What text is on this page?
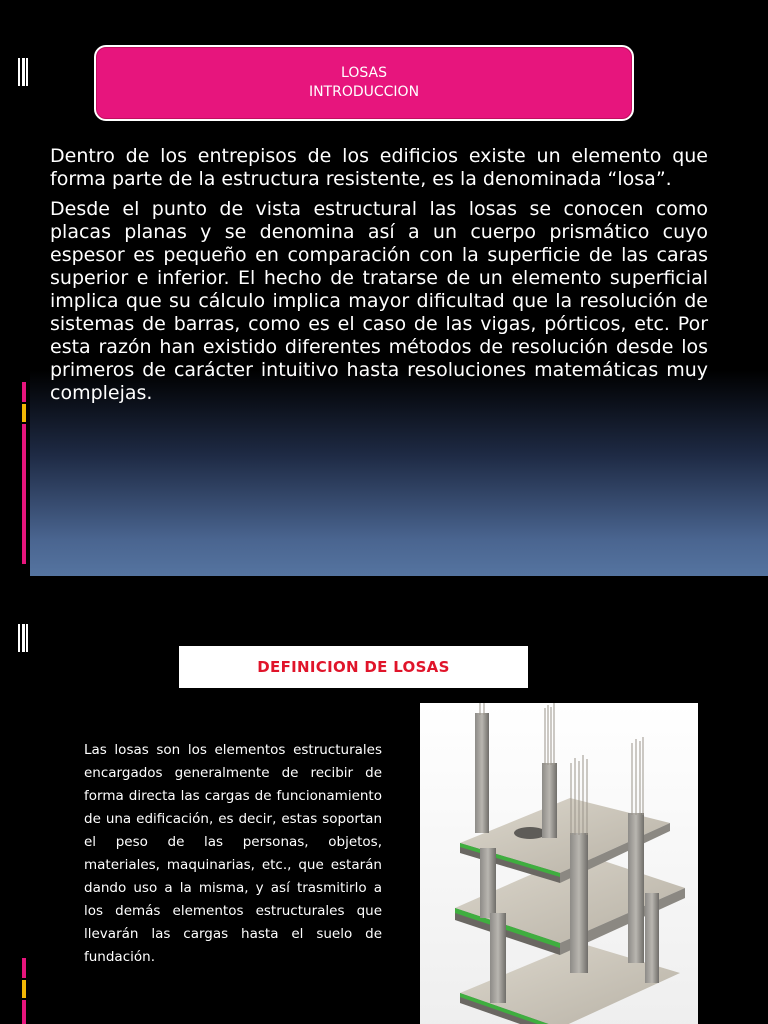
LOSAS
INTRODUCCION

Dentro de los entrepisos de los edificios existe un elemento que forma parte de la estructura resistente, es la denominada “losa”.

Desde el punto de vista estructural las losas se conocen como placas planas y se denomina así a un cuerpo prismático cuyo espesor es pequeño en comparación con la superficie de las caras superior e inferior. El hecho de tratarse de un elemento superficial implica que su cálculo implica mayor dificultad que la resolución de sistemas de barras, como es el caso de las vigas, pórticos, etc. Por esta razón han existido diferentes métodos de resolución desde los primeros de carácter intuitivo hasta resoluciones matemáticas muy complejas.

DEFINICION DE LOSAS
Las losas son los elementos estructurales encargados generalmente de recibir de forma directa las cargas de funcionamiento de una edificación, es decir, estas soportan el peso de las personas, objetos, materiales, maquinarias, etc., que estarán dando uso a la misma, y así trasmitirlo a los demás elementos estructurales que llevarán las cargas hasta el suelo de fundación.
